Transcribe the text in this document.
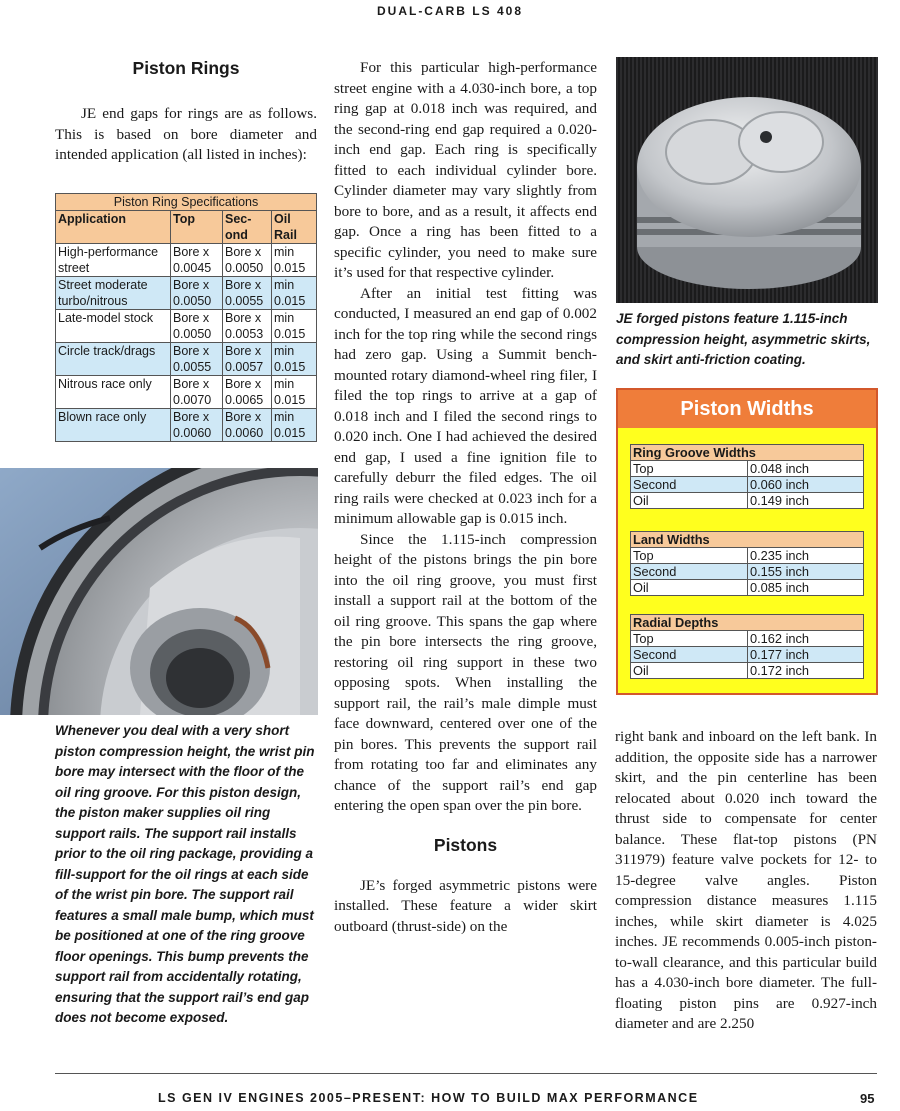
DUAL-CARB LS 408
Piston Rings

JE end gaps for rings are as follows. This is based on bore diameter and intended application (all listed in inches):

Piston Ring Specifications			
Application	Top	Sec-ond	Oil Rail
High-performance street	Bore x 0.0045	Bore x 0.0050	min 0.015
Street moderate turbo/nitrous	Bore x 0.0050	Bore x 0.0055	min 0.015
Late-model stock	Bore x 0.0050	Bore x 0.0053	min 0.015
Circle track/drags	Bore x 0.0055	Bore x 0.0057	min 0.015
Nitrous race only	Bore x 0.0070	Bore x 0.0065	min 0.015
Blown race only	Bore x 0.0060	Bore x 0.0060	min 0.015
Whenever you deal with a very short piston compression height, the wrist pin bore may intersect with the floor of the oil ring groove. For this piston design, the piston maker supplies oil ring support rails. The support rail installs prior to the oil ring package, providing a fill-support for the oil rings at each side of the wrist pin bore. The support rail features a small male bump, which must be positioned at one of the ring groove floor openings. This bump prevents the support rail from accidentally rotating, ensuring that the support rail’s end gap does not become exposed.

For this particular high-performance street engine with a 4.030-inch bore, a top ring gap at 0.018 inch was required, and the second-ring end gap required a 0.020-inch end gap. Each ring is specifically fitted to each individual cylinder bore. Cylinder diameter may vary slightly from bore to bore, and as a result, it affects end gap. Once a ring has been fitted to a specific cylinder, you need to make sure it’s used for that respective cylinder.

After an initial test fitting was conducted, I measured an end gap of 0.002 inch for the top ring while the second rings had zero gap. Using a Summit bench-mounted rotary diamond-wheel ring filer, I filed the top rings to arrive at a gap of 0.018 inch and I filed the second rings to 0.020 inch. One I had achieved the desired end gap, I used a fine ignition file to carefully deburr the filed edges. The oil ring rails were checked at 0.023 inch for a minimum allowable gap is 0.015 inch.

Since the 1.115-inch compression height of the pistons brings the pin bore into the oil ring groove, you must first install a support rail at the bottom of the oil ring groove. This spans the gap where the pin bore intersects the ring groove, restoring oil ring support in these two opposing spots. When installing the support rail, the rail’s male dimple must face downward, centered over one of the pin bores. This prevents the support rail from rotating too far and eliminates any chance of the support rail’s end gap entering the open span over the pin bore.

Pistons

JE’s forged asymmetric pistons were installed. These feature a wider skirt outboard (thrust-side) on the

JE forged pistons feature 1.115-inch compression height, asymmetric skirts, and skirt anti-friction coating.
Piston Widths
Ring Groove Widths	
Top	0.048 inch
Second	0.060 inch
Oil	0.149 inch
Land Widths	
Top	0.235 inch
Second	0.155 inch
Oil	0.085 inch
Radial Depths	
Top	0.162 inch
Second	0.177 inch
Oil	0.172 inch

right bank and inboard on the left bank. In addition, the opposite side has a narrower skirt, and the pin centerline has been relocated about 0.020 inch toward the thrust side to compensate for center balance. These flat-top pistons (PN 311979) feature valve pockets for 12- to 15-degree valve angles. Piston compression distance measures 1.115 inches, while skirt diameter is 4.025 inches. JE recommends 0.005-inch piston-to-wall clearance, and this particular build has a 4.030-inch bore diameter. The full-floating piston pins are 0.927-inch diameter and are 2.250

LS GEN IV ENGINES 2005–PRESENT: HOW TO BUILD MAX PERFORMANCE	95
